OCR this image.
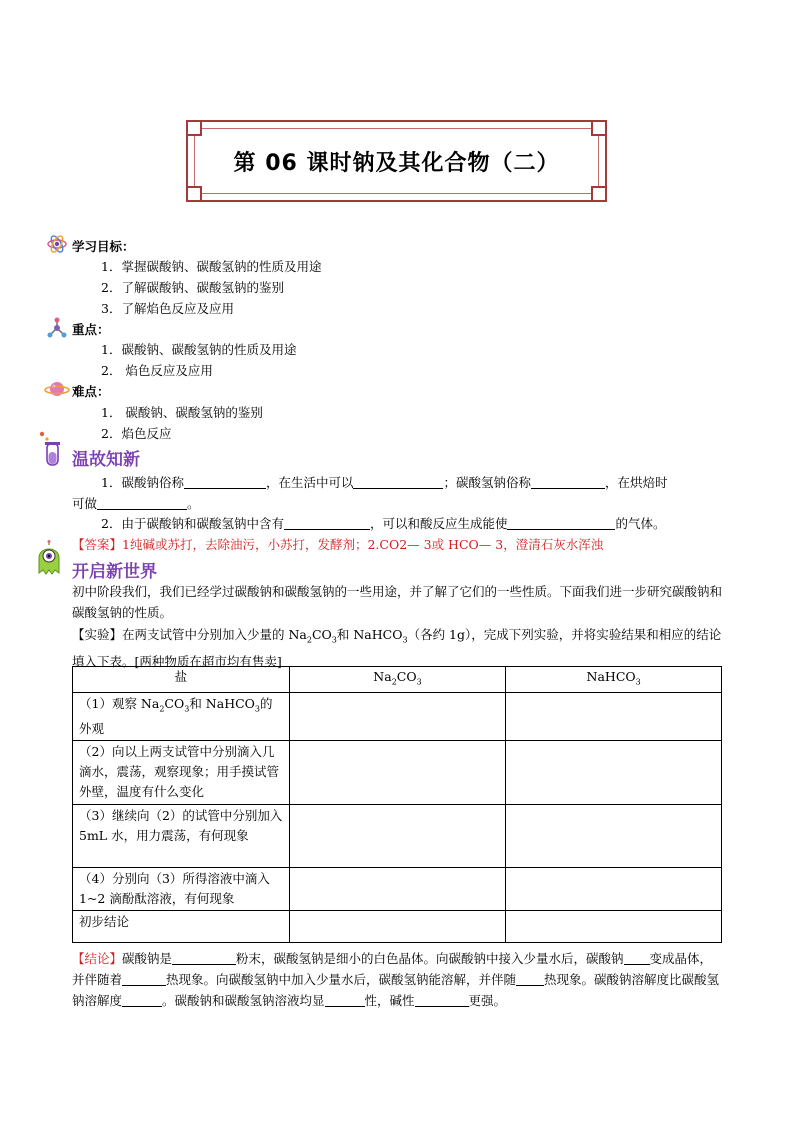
第 06 课时钠及其化合物（二）
学习目标：
1．掌握碳酸钠、碳酸氢钠的性质及用途
2．了解碳酸钠、碳酸氢钠的鉴别
3．了解焰色反应及应用
重点：
1．碳酸钠、碳酸氢钠的性质及用途
2． 焰色反应及应用
难点：
1． 碳酸钠、碳酸氢钠的鉴别
2．焰色反应
温故知新
1．碳酸钠俗称	，在生活中可以	；碳酸氢钠俗称	，在烘焙时
可做	。
2．由于碳酸钠和碳酸氢钠中含有	，可以和酸反应生成能使	的气体。
【答案】1纯碱或苏打，去除油污，小苏打，发酵剂；2.CO2— 3或 HCO— 3，澄清石灰水浑浊
开启新世界
初中阶段我们，我们已经学过碳酸钠和碳酸氢钠的一些用途，并了解了它们的一些性质。下面我们进一步研究碳酸钠和碳酸氢钠的性质。
【实验】在两支试管中分别加入少量的 $Na_2CO_3$和 NaHCO$_3$（各约 1g），完成下列实验，并将实验结果和相应的结论填入下表。[两种物质在超市均有售卖]
盐	$Na_2CO_3$	NaHCO$_3$
（1）观察 $Na_2CO_3$和 NaHCO$_3$的外观		
（2）向以上两支试管中分别滴入几滴水，震荡，观察现象；用手摸试管外壁，温度有什么变化		
（3）继续向（2）的试管中分别加入 5mL 水，用力震荡，有何现象		
（4）分别向（3）所得溶液中滴入 1~2 滴酚酞溶液，有何现象		
初步结论		
【结论】碳酸钠是	粉末，碳酸氢钠是细小的白色晶体。向碳酸钠中接入少量水后，碳酸钠 变成晶体，并伴随着	热现象。向碳酸氢钠中加入少量水后，碳酸氢钠能溶解，并伴随 热现象。碳酸钠溶解度比碳酸氢钠溶解度	。碳酸钠和碳酸氢钠溶液均显	性，碱性	更强。
